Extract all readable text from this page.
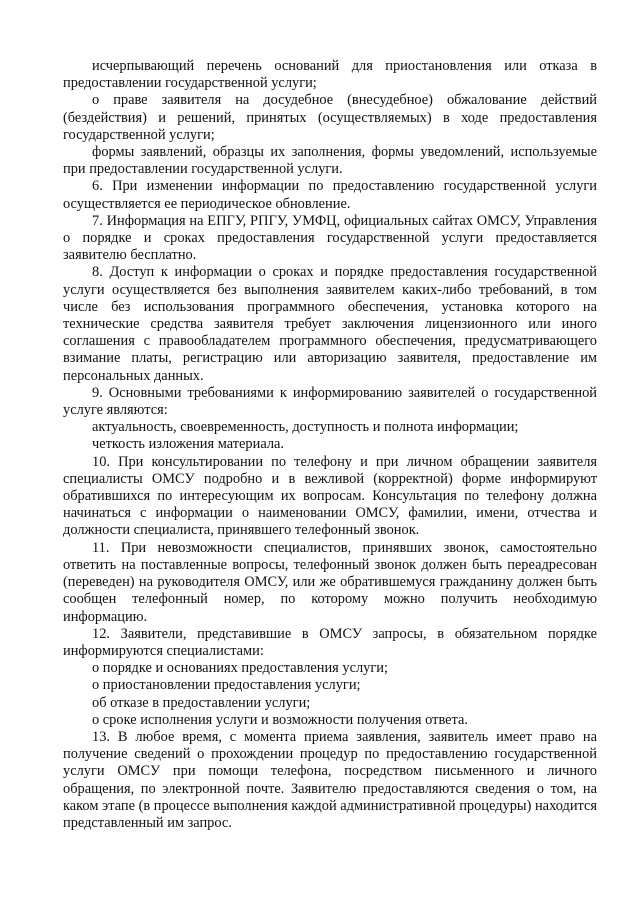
исчерпывающий перечень оснований для приостановления или отказа в предоставлении государственной услуги;

о праве заявителя на досудебное (внесудебное) обжалование действий (бездействия) и решений, принятых (осуществляемых) в ходе предоставления государственной услуги;

формы заявлений, образцы их заполнения, формы уведомлений, используемые при предоставлении государственной услуги.

6. При изменении информации по предоставлению государственной услуги осуществляется ее периодическое обновление.

7. Информация на ЕПГУ, РПГУ, УМФЦ, официальных сайтах ОМСУ, Управления о порядке и сроках предоставления государственной услуги предоставляется заявителю бесплатно.

8. Доступ к информации о сроках и порядке предоставления государственной услуги осуществляется без выполнения заявителем каких-либо требований, в том числе без использования программного обеспечения, установка которого на технические средства заявителя требует заключения лицензионного или иного соглашения с правообладателем программного обеспечения, предусматривающего взимание платы, регистрацию или авторизацию заявителя, предоставление им персональных данных.

9. Основными требованиями к информированию заявителей о государственной услуге являются:

актуальность, своевременность, доступность и полнота информации;

четкость изложения материала.

10. При консультировании по телефону и при личном обращении заявителя специалисты ОМСУ подробно и в вежливой (корректной) форме информируют обратившихся по интересующим их вопросам. Консультация по телефону должна начинаться с информации о наименовании ОМСУ, фамилии, имени, отчества и должности специалиста, принявшего телефонный звонок.

11. При невозможности специалистов, принявших звонок, самостоятельно ответить на поставленные вопросы, телефонный звонок должен быть переадресован (переведен) на руководителя ОМСУ, или же обратившемуся гражданину должен быть сообщен телефонный номер, по которому можно получить необходимую информацию.

12. Заявители, представившие в ОМСУ запросы, в обязательном порядке информируются специалистами:

о порядке и основаниях предоставления услуги;

о приостановлении предоставления услуги;

об отказе в предоставлении услуги;

о сроке исполнения услуги и возможности получения ответа.

13. В любое время, с момента приема заявления, заявитель имеет право на получение сведений о прохождении процедур по предоставлению государственной услуги ОМСУ при помощи телефона, посредством письменного и личного обращения, по электронной почте. Заявителю предоставляются сведения о том, на каком этапе (в процессе выполнения каждой административной процедуры) находится представленный им запрос.
